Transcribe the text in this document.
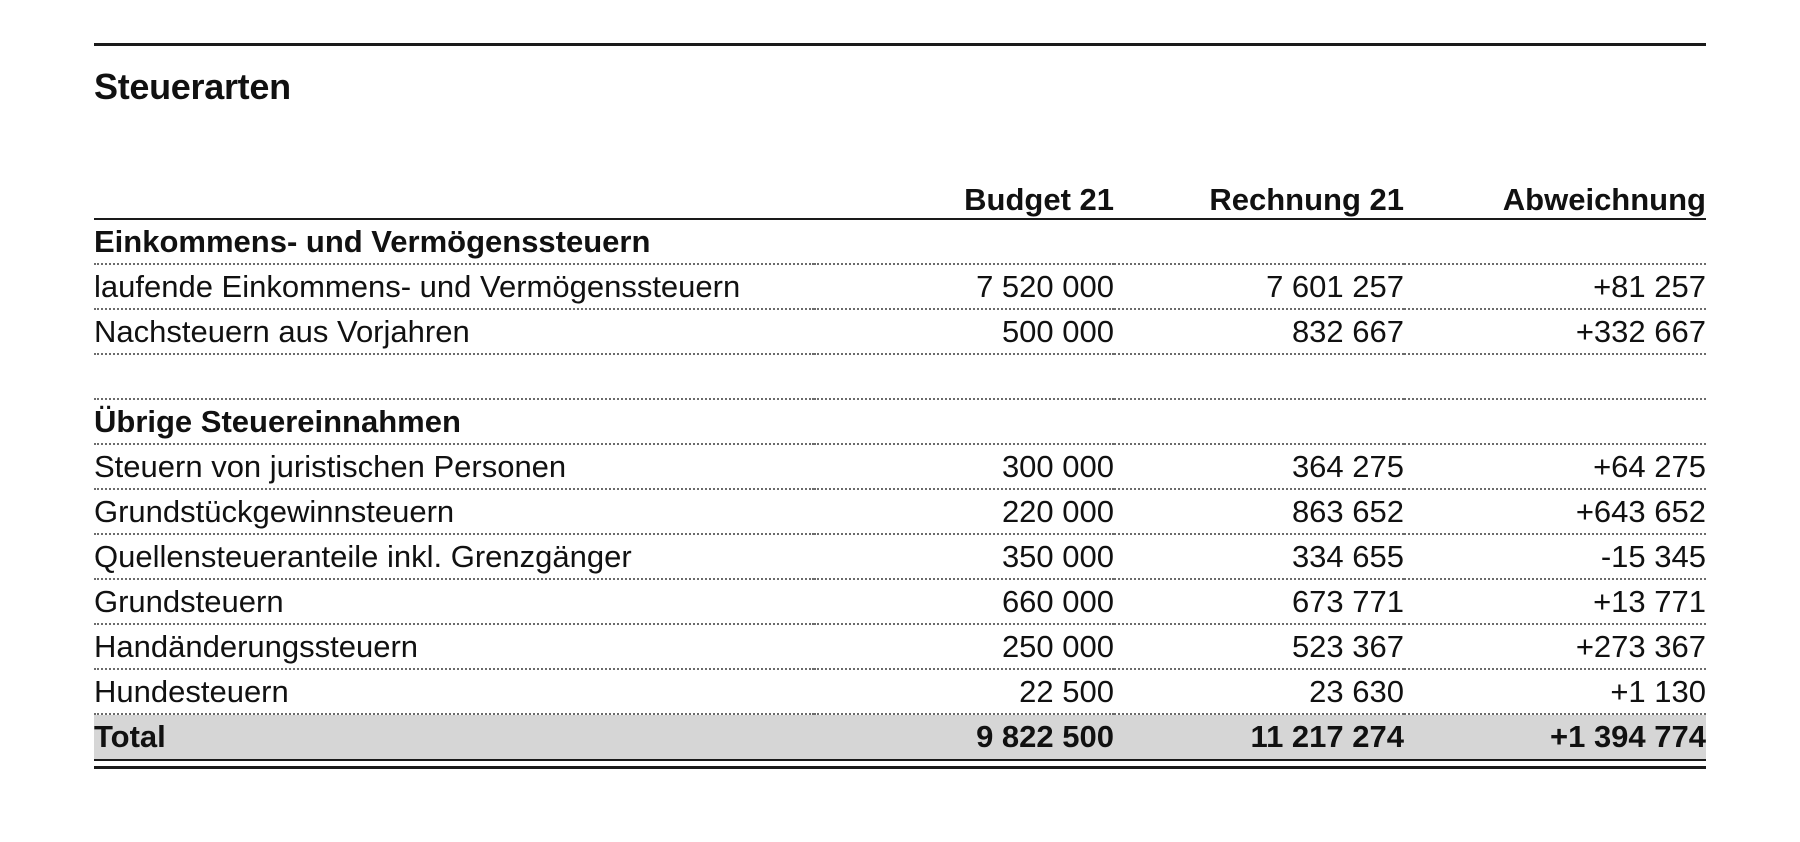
Steuerarten
	Budget 21	Rechnung 21	Abweichnung
Einkommens- und Vermögenssteuern			
laufende Einkommens- und Vermögenssteuern	7 520 000	7 601 257	+81 257
Nachsteuern aus Vorjahren	500 000	832 667	+332 667

Übrige Steuereinnahmen			
Steuern von juristischen Personen	300 000	364 275	+64 275
Grundstückgewinnsteuern	220 000	863 652	+643 652
Quellensteueranteile inkl. Grenzgänger	350 000	334 655	-15 345
Grundsteuern	660 000	673 771	+13 771
Handänderungssteuern	250 000	523 367	+273 367
Hundesteuern	22 500	23 630	+1 130
Total	9 822 500	11 217 274	+1 394 774
